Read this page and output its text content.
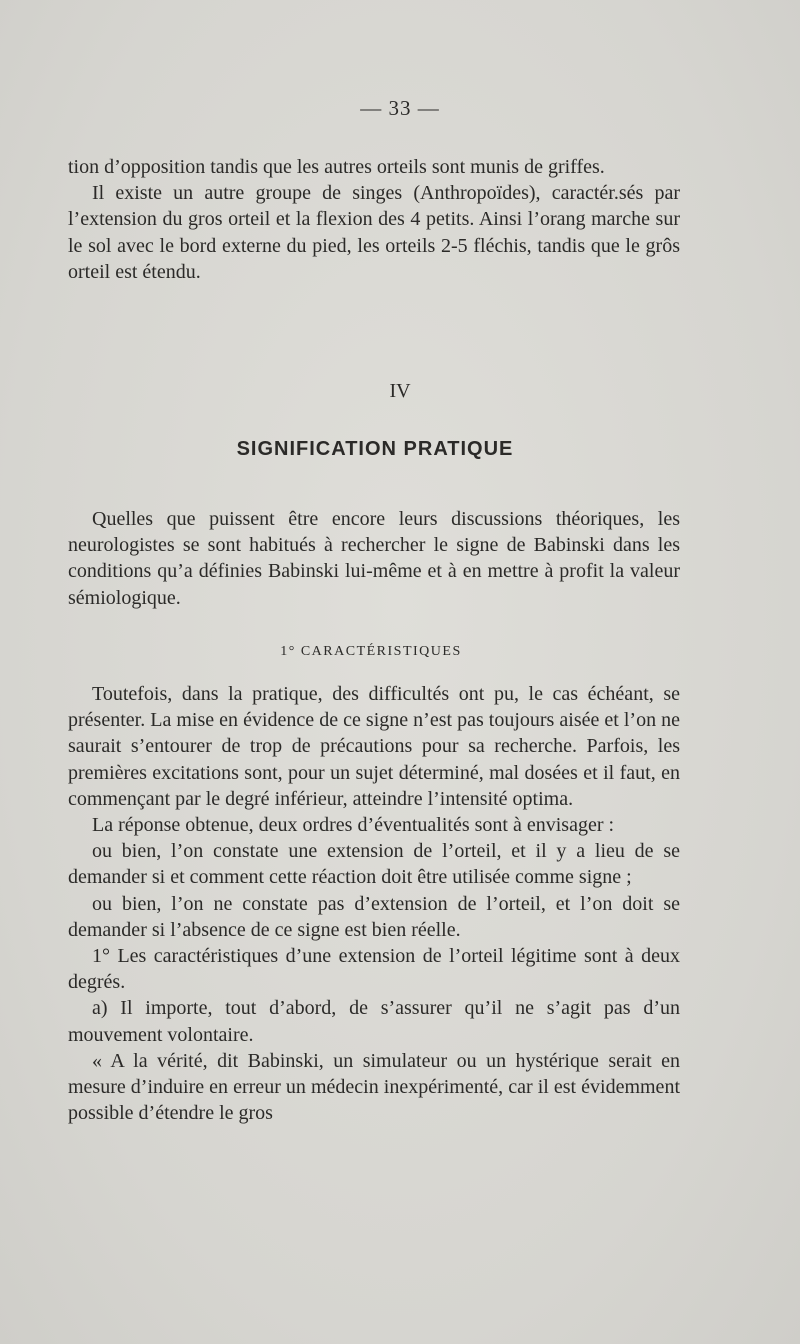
— 33 —

tion d’opposition tandis que les autres orteils sont munis de griffes.

Il existe un autre groupe de singes (Anthropoïdes), caractér.sés par l’extension du gros orteil et la flexion des 4 petits. Ainsi l’orang marche sur le sol avec le bord externe du pied, les orteils 2-5 fléchis, tandis que le grôs orteil est étendu.

IV
SIGNIFICATION PRATIQUE

Quelles que puissent être encore leurs discussions théoriques, les neurologistes se sont habitués à rechercher le signe de Babinski dans les conditions qu’a définies Babinski lui-même et à en mettre à profit la valeur sémiologique.

1° CARACTÉRISTIQUES

Toutefois, dans la pratique, des difficultés ont pu, le cas échéant, se présenter. La mise en évidence de ce signe n’est pas toujours aisée et l’on ne saurait s’entourer de trop de précautions pour sa recherche. Parfois, les premières excitations sont, pour un sujet déterminé, mal dosées et il faut, en commençant par le degré inférieur, atteindre l’intensité optima.

La réponse obtenue, deux ordres d’éventualités sont à envisager :

ou bien, l’on constate une extension de l’orteil, et il y a lieu de se demander si et comment cette réaction doit être utilisée comme signe ;

ou bien, l’on ne constate pas d’extension de l’orteil, et l’on doit se demander si l’absence de ce signe est bien réelle.

1° Les caractéristiques d’une extension de l’orteil légitime sont à deux degrés.

a) Il importe, tout d’abord, de s’assurer qu’il ne s’agit pas d’un mouvement volontaire.

« A la vérité, dit Babinski, un simulateur ou un hystérique serait en mesure d’induire en erreur un médecin inexpérimenté, car il est évidemment possible d’étendre le gros
